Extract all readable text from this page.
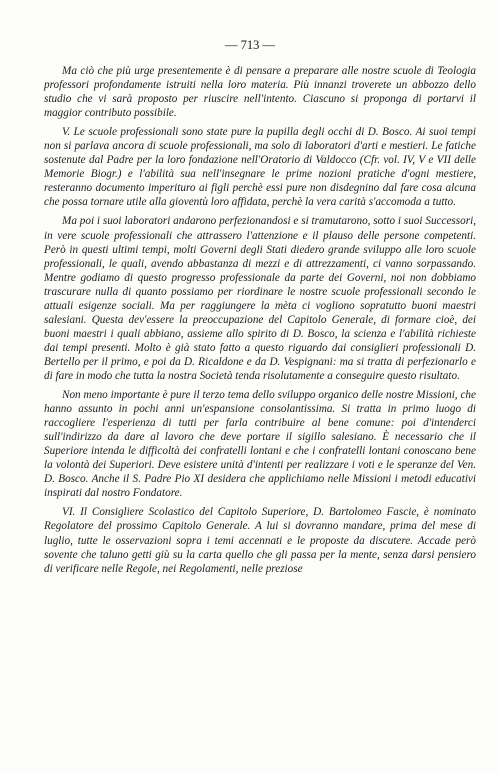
— 713 —

Ma ciò che più urge presentemente è di pensare a preparare alle nostre scuole di Teologia professori profondamente istruiti nella loro materia. Più innanzi troverete un abbozzo dello studio che vi sarà proposto per riuscire nell'intento. Ciascuno si proponga di portarvi il maggior contributo possibile.

V. Le scuole professionali sono state pure la pupilla degli occhi di D. Bosco. Ai suoi tempi non si parlava ancora di scuole professionali, ma solo di laboratori d'arti e mestieri. Le fatiche sostenute dal Padre per la loro fondazione nell'Oratorio di Valdocco (Cfr. vol. IV, V e VII delle Memorie Biogr.) e l'abilità sua nell'insegnare le prime nozioni pratiche d'ogni mestiere, resteranno documento imperituro ai figli perchè essi pure non disdegnino dal fare cosa alcuna che possa tornare utile alla gioventù loro affidata, perchè la vera carità s'accomoda a tutto.

Ma poi i suoi laboratori andarono perfezionandosi e si tramutarono, sotto i suoi Successori, in vere scuole professionali che attrassero l'attenzione e il plauso delle persone competenti. Però in questi ultimi tempi, molti Governi degli Stati diedero grande sviluppo alle loro scuole professionali, le quali, avendo abbastanza di mezzi e di attrezzamenti, ci vanno sorpassando. Mentre godiamo di questo progresso professionale da parte dei Governi, noi non dobbiamo trascurare nulla di quanto possiamo per riordinare le nostre scuole professionali secondo le attuali esigenze sociali. Ma per raggiungere la mèta ci vogliono sopratutto buoni maestri salesiani. Questa dev'essere la preoccupazione del Capitolo Generale, di formare cioè, dei buoni maestri i quali abbiano, assieme allo spirito di D. Bosco, la scienza e l'abilità richieste dai tempi presenti. Molto è già stato fatto a questo riguardo dai consiglieri professionali D. Bertello per il primo, e poi da D. Ricaldone e da D. Vespignani: ma si tratta di perfezionarlo e di fare in modo che tutta la nostra Società tenda risolutamente a conseguire questo risultato.

Non meno importante è pure il terzo tema dello sviluppo organico delle nostre Missioni, che hanno assunto in pochi anni un'espansione consolantissima. Si tratta in primo luogo di raccogliere l'esperienza di tutti per farla contribuire al bene comune: poi d'intenderci sull'indirizzo da dare al lavoro che deve portare il sigillo salesiano. È necessario che il Superiore intenda le difficoltà dei confratelli lontani e che i confratelli lontani conoscano bene la volontà dei Superiori. Deve esistere unità d'intenti per realizzare i voti e le speranze del Ven. D. Bosco. Anche il S. Padre Pio XI desidera che applichiamo nelle Missioni i metodi educativi inspirati dal nostro Fondatore.

VI. Il Consigliere Scolastico del Capitolo Superiore, D. Bartolomeo Fascie, è nominato Regolatore del prossimo Capitolo Generale. A lui si dovranno mandare, prima del mese di luglio, tutte le osservazioni sopra i temi accennati e le proposte da discutere. Accade però sovente che taluno getti giù su la carta quello che gli passa per la mente, senza darsi pensiero di verificare nelle Regole, nei Regolamenti, nelle preziose
